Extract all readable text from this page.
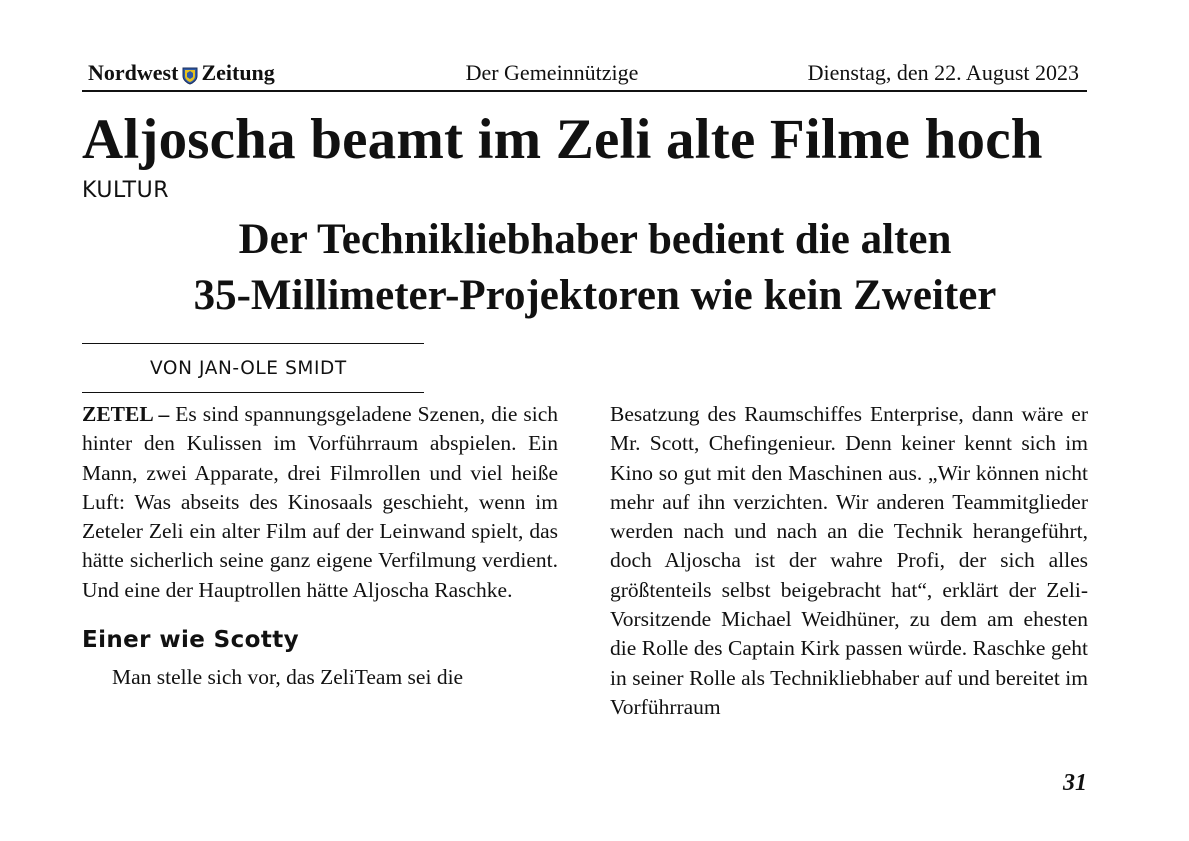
Nordwest Zeitung	Der Gemeinnützige	Dienstag, den 22. August 2023
Aljoscha beamt im Zeli alte Filme hoch
KULTUR
Der Technikliebhaber bedient die alten
35-Millimeter-Projektoren wie kein Zweiter
VON JAN-OLE SMIDT

ZETEL – Es sind spannungsgeladene Szenen, die sich hinter den Kulissen im Vorführraum abspielen. Ein Mann, zwei Apparate, drei Filmrollen und viel heiße Luft: Was abseits des Kinosaals geschieht, wenn im Zeteler Zeli ein alter Film auf der Leinwand spielt, das hätte sicherlich seine ganz eigene Verfilmung verdient. Und eine der Hauptrollen hätte Aljoscha Raschke.

Einer wie Scotty

Man stelle sich vor, das ZeliTeam sei die

Besatzung des Raumschiffes Enterprise, dann wäre er Mr. Scott, Chefingenieur. Denn keiner kennt sich im Kino so gut mit den Maschinen aus. „Wir können nicht mehr auf ihn verzichten. Wir anderen Teammitglieder werden nach und nach an die Technik herangeführt, doch Aljoscha ist der wahre Profi, der sich alles größtenteils selbst beigebracht hat“, erklärt der Zeli-Vorsitzende Michael Weidhüner, zu dem am ehesten die Rolle des Captain Kirk passen würde. Raschke geht in seiner Rolle als Technikliebhaber auf und bereitet im Vorführraum

31
